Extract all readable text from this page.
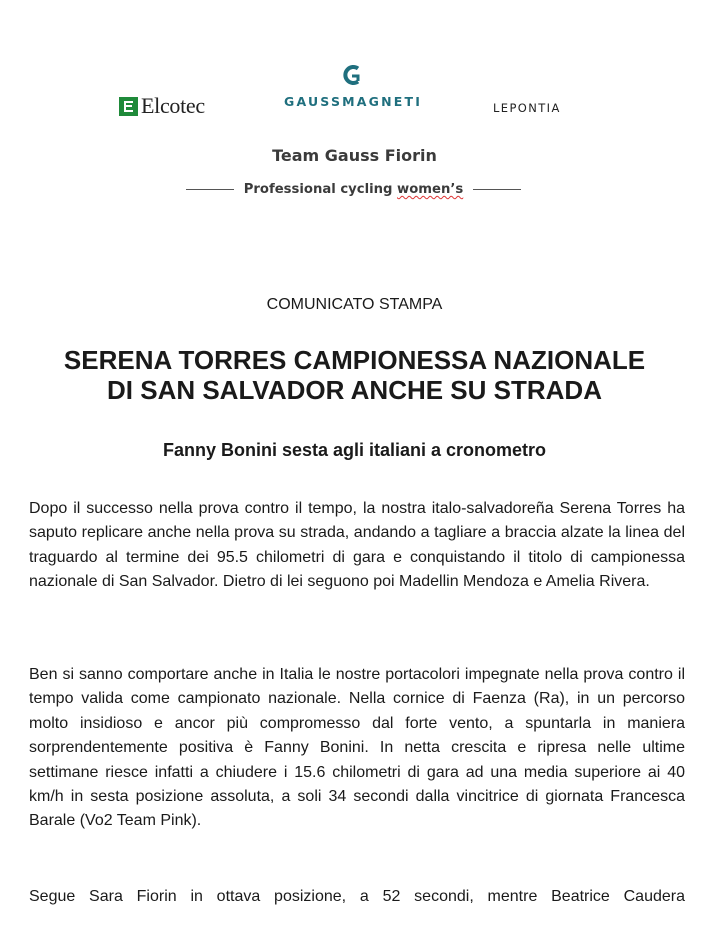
Elcotec	GAUSSMAGNETI	LEPONTIA
Team Gauss Fiorin
Professional cycling women’s
COMUNICATO STAMPA
SERENA TORRES CAMPIONESSA NAZIONALE
DI SAN SALVADOR ANCHE SU STRADA
Fanny Bonini sesta agli italiani a cronometro

Dopo il successo nella prova contro il tempo, la nostra italo-salvadoreña Serena Torres ha saputo replicare anche nella prova su strada, andando a tagliare a braccia alzate la linea del traguardo al termine dei 95.5 chilometri di gara e conquistando il titolo di campionessa nazionale di San Salvador. Dietro di lei seguono poi Madellin Mendoza e Amelia Rivera.

Ben si sanno comportare anche in Italia le nostre portacolori impegnate nella prova contro il tempo valida come campionato nazionale. Nella cornice di Faenza (Ra), in un percorso molto insidioso e ancor più compromesso dal forte vento, a spuntarla in maniera sorprendentemente positiva è Fanny Bonini. In netta crescita e ripresa nelle ultime settimane riesce infatti a chiudere i 15.6 chilometri di gara ad una media superiore ai 40 km/h in sesta posizione assoluta, a soli 34 secondi dalla vincitrice di giornata Francesca Barale (Vo2 Team Pink).

Segue Sara Fiorin in ottava posizione, a 52 secondi, mentre Beatrice Caudera
